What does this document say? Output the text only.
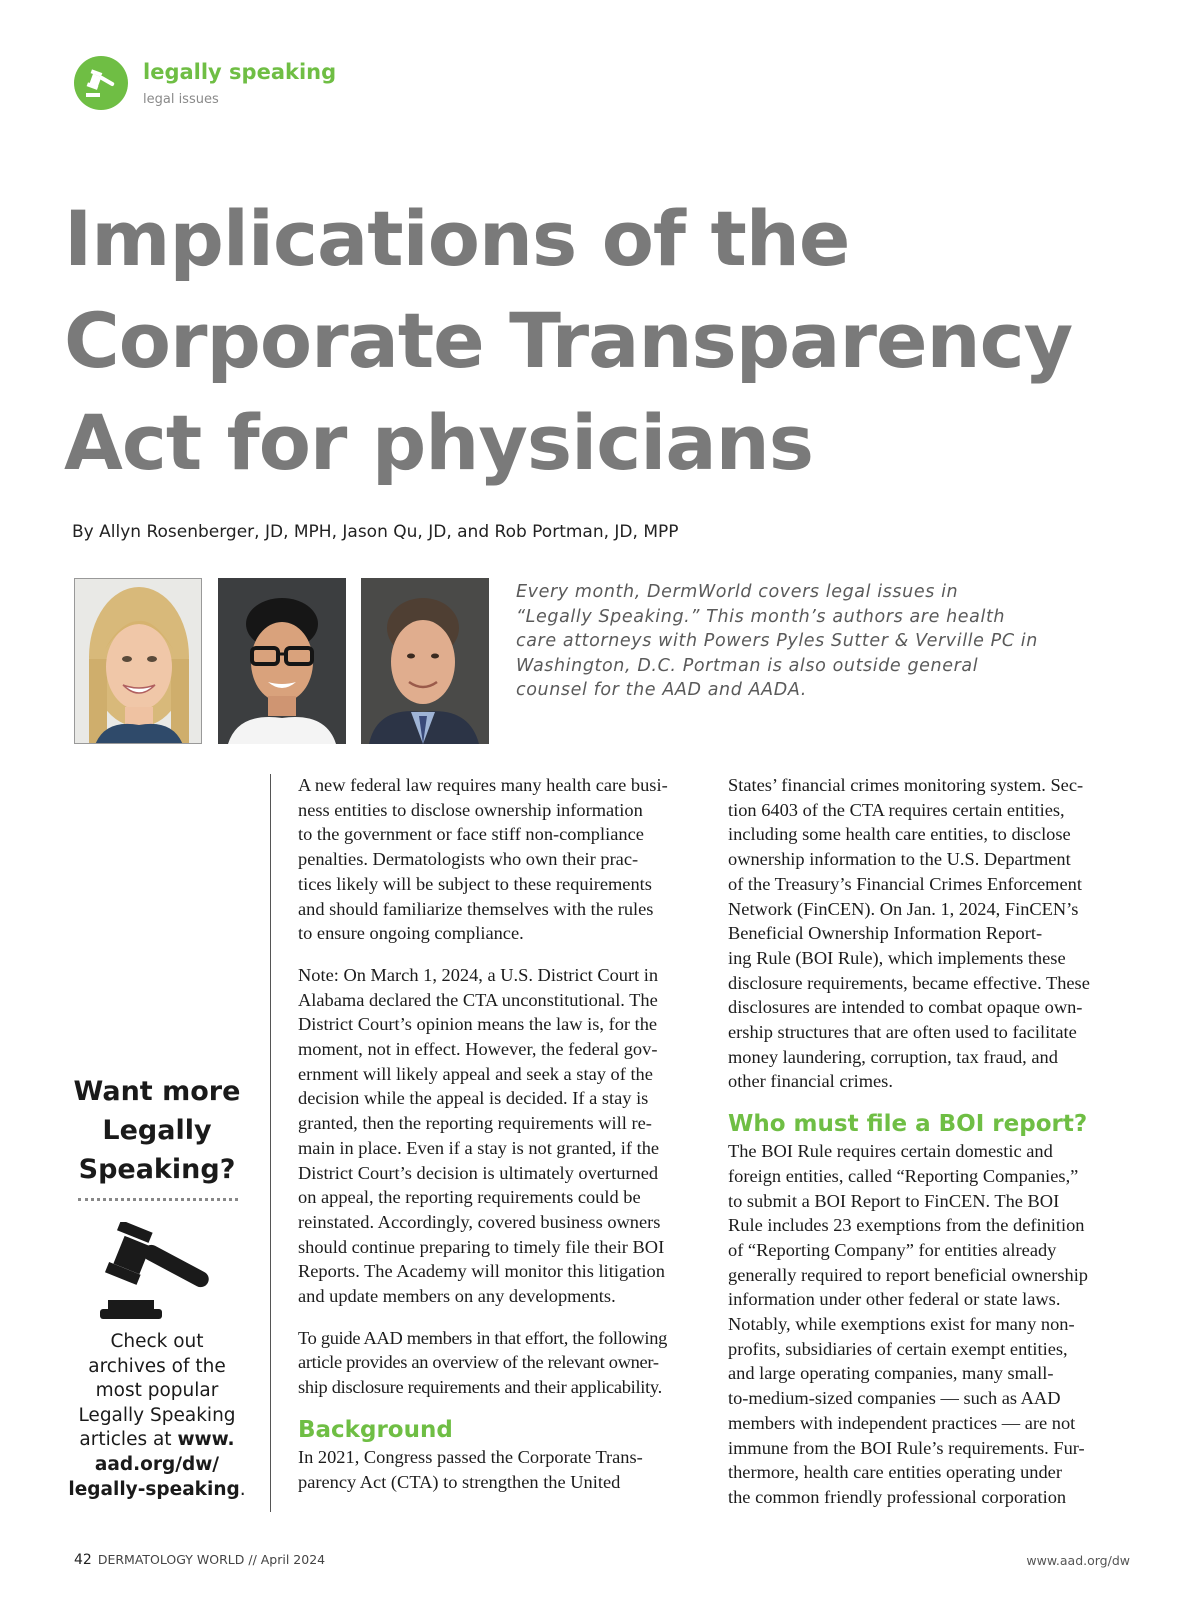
legally speaking
legal issues
Implications of the
Corporate Transparency
Act for physicians
By Allyn Rosenberger, JD, MPH, Jason Qu, JD, and Rob Portman, JD, MPP
Every month, DermWorld covers legal issues in
“Legally Speaking.” This month’s authors are health
care attorneys with Powers Pyles Sutter & Verville PC in
Washington, D.C. Portman is also outside general
counsel for the AAD and AADA.
Want more
Legally
Speaking?
Check out
archives of the
most popular
Legally Speaking
articles at www.
aad.org/dw/
legally-speaking.

A new federal law requires many health care busi-

ness entities to disclose ownership information

to the government or face stiff non-compliance

penalties. Dermatologists who own their prac-

tices likely will be subject to these requirements

and should familiarize themselves with the rules

to ensure ongoing compliance.

Note: On March 1, 2024, a U.S. District Court in

Alabama declared the CTA unconstitutional. The

District Court’s opinion means the law is, for the

moment, not in effect. However, the federal gov-

ernment will likely appeal and seek a stay of the

decision while the appeal is decided. If a stay is

granted, then the reporting requirements will re-

main in place. Even if a stay is not granted, if the

District Court’s decision is ultimately overturned

on appeal, the reporting requirements could be

reinstated. Accordingly, covered business owners

should continue preparing to timely file their BOI

Reports. The Academy will monitor this litigation

and update members on any developments.

To guide AAD members in that effort, the following

article provides an overview of the relevant owner-

ship disclosure requirements and their applicability.

Background

In 2021, Congress passed the Corporate Trans-

parency Act (CTA) to strengthen the United

States’ financial crimes monitoring system. Sec-

tion 6403 of the CTA requires certain entities,

including some health care entities, to disclose

ownership information to the U.S. Department

of the Treasury’s Financial Crimes Enforcement

Network (FinCEN). On Jan. 1, 2024, FinCEN’s

Beneficial Ownership Information Report-

ing Rule (BOI Rule), which implements these

disclosure requirements, became effective. These

disclosures are intended to combat opaque own-

ership structures that are often used to facilitate

money laundering, corruption, tax fraud, and

other financial crimes.

Who must file a BOI report?

The BOI Rule requires certain domestic and

foreign entities, called “Reporting Companies,”

to submit a BOI Report to FinCEN. The BOI

Rule includes 23 exemptions from the definition

of “Reporting Company” for entities already

generally required to report beneficial ownership

information under other federal or state laws.

Notably, while exemptions exist for many non-

profits, subsidiaries of certain exempt entities,

and large operating companies, many small-

to-medium-sized companies — such as AAD

members with independent practices — are not

immune from the BOI Rule’s requirements. Fur-

thermore, health care entities operating under

the common friendly professional corporation

42 DERMATOLOGY WORLD // April 2024	www.aad.org/dw
